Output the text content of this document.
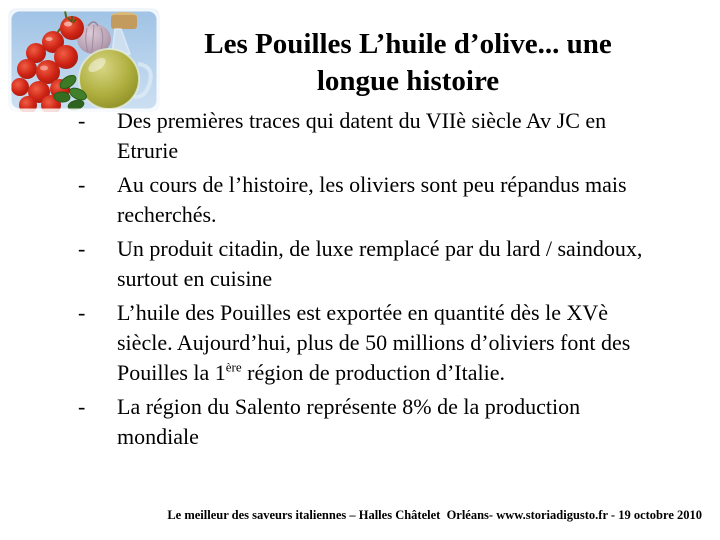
Les Pouilles L’huile d’olive... une longue histoire
-	Des premières traces qui datent du VIIè siècle Av JC en Etrurie
-	Au cours de l’histoire, les oliviers sont peu répandus mais recherchés.
-	Un produit citadin, de luxe remplacé par du lard / saindoux, surtout en cuisine
-	L’huile des Pouilles est exportée en quantité dès le XVè siècle. Aujourd’hui, plus de 50 millions d’oliviers font des Pouilles la 1ère région de production d’Italie.
-	La région du Salento représente 8% de la production mondiale
Le meilleur des saveurs italiennes – Halles Châtelet  Orléans- www.storiadigusto.fr - 19 octobre 2010
